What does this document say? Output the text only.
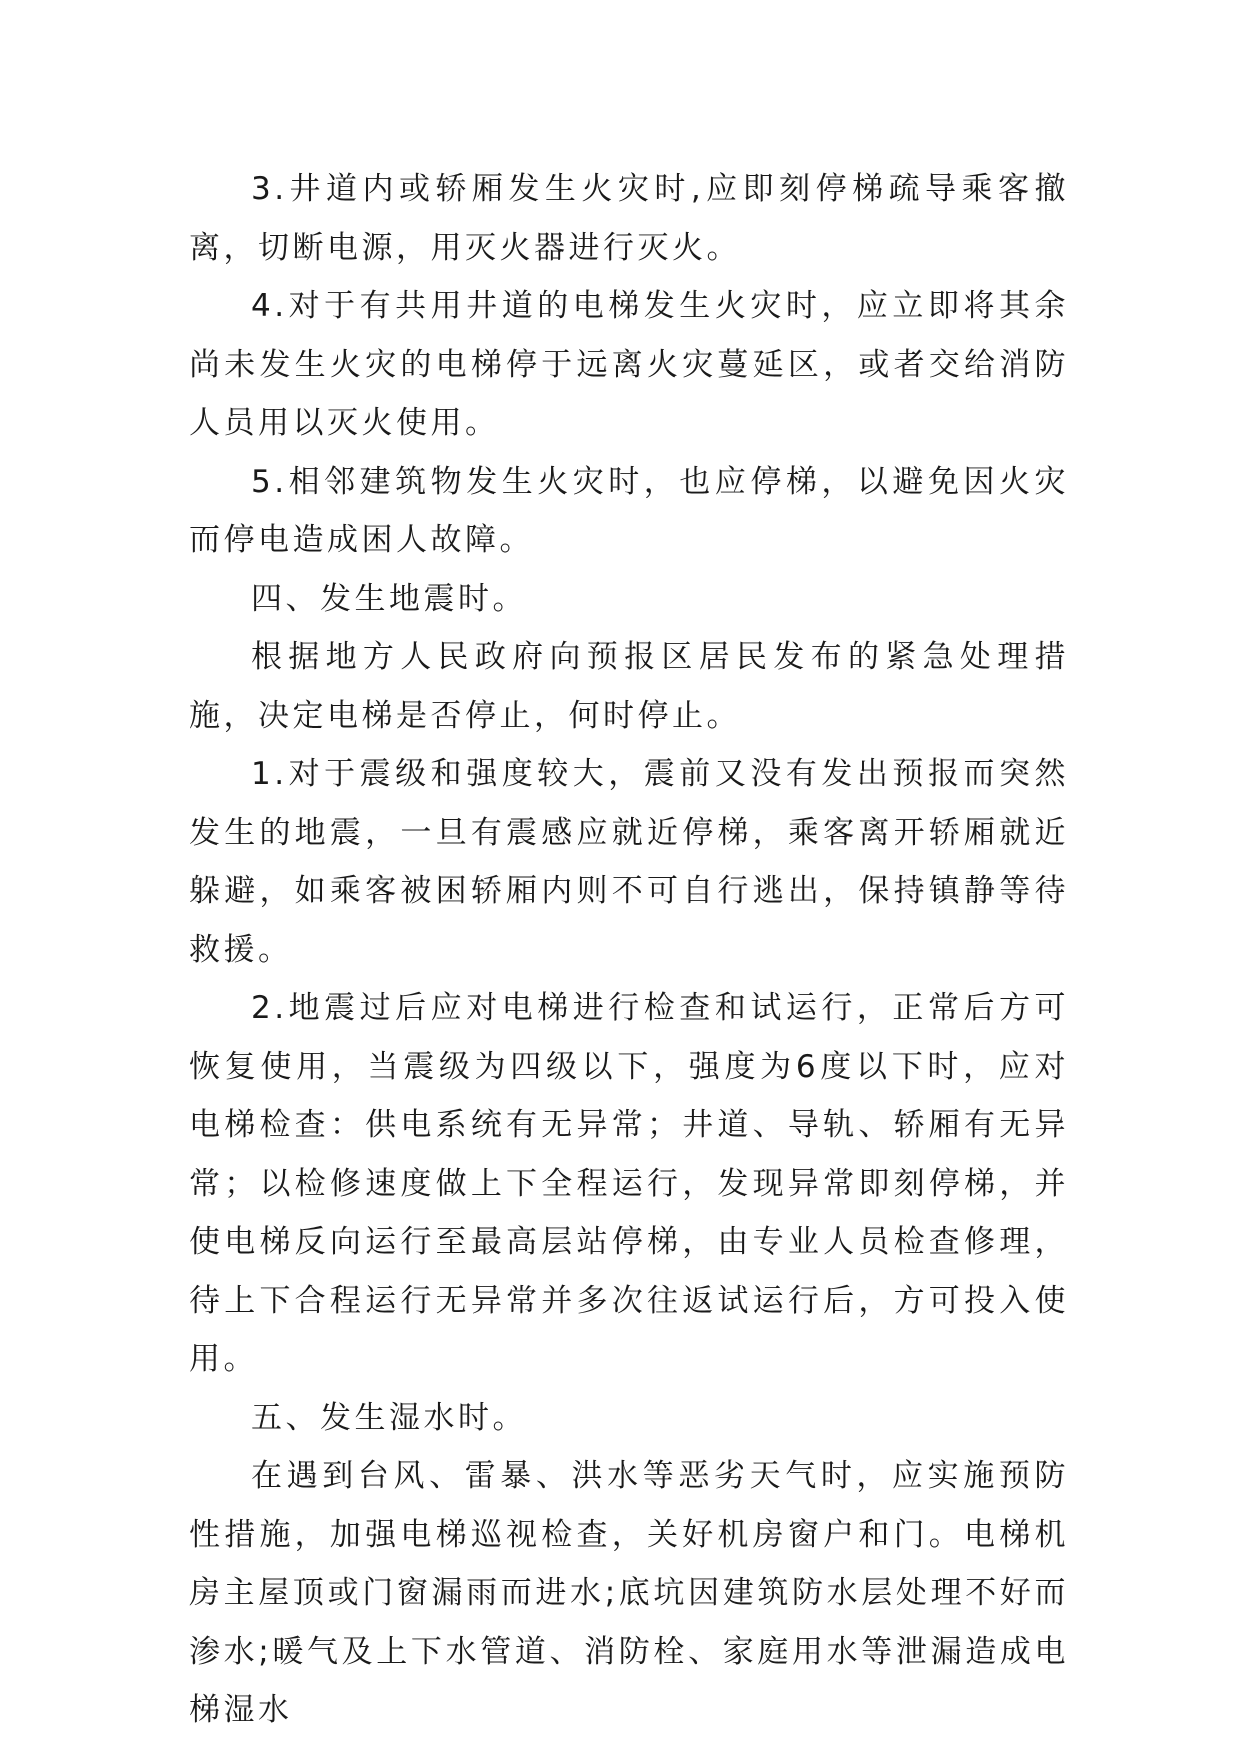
3.井道内或轿厢发生火灾时,应即刻停梯疏导乘客撤离，切断电源，用灭火器进行灭火。

4.对于有共用井道的电梯发生火灾时，应立即将其余尚未发生火灾的电梯停于远离火灾蔓延区，或者交给消防人员用以灭火使用。

5.相邻建筑物发生火灾时，也应停梯，以避免因火灾而停电造成困人故障。

四、发生地震时。

根据地方人民政府向预报区居民发布的紧急处理措施，决定电梯是否停止，何时停止。

1.对于震级和强度较大，震前又没有发出预报而突然发生的地震，一旦有震感应就近停梯，乘客离开轿厢就近躲避，如乘客被困轿厢内则不可自行逃出，保持镇静等待救援。

2.地震过后应对电梯进行检查和试运行，正常后方可恢复使用，当震级为四级以下，强度为6度以下时，应对电梯检查：供电系统有无异常；井道、导轨、轿厢有无异常；以检修速度做上下全程运行，发现异常即刻停梯，并使电梯反向运行至最高层站停梯，由专业人员检查修理，待上下合程运行无异常并多次往返试运行后，方可投入使用。

五、发生湿水时。

在遇到台风、雷暴、洪水等恶劣天气时，应实施预防性措施，加强电梯巡视检查，关好机房窗户和门。电梯机房主屋顶或门窗漏雨而进水;底坑因建筑防水层处理不好而渗水;暖气及上下水管道、消防栓、家庭用水等泄漏造成电梯湿水
